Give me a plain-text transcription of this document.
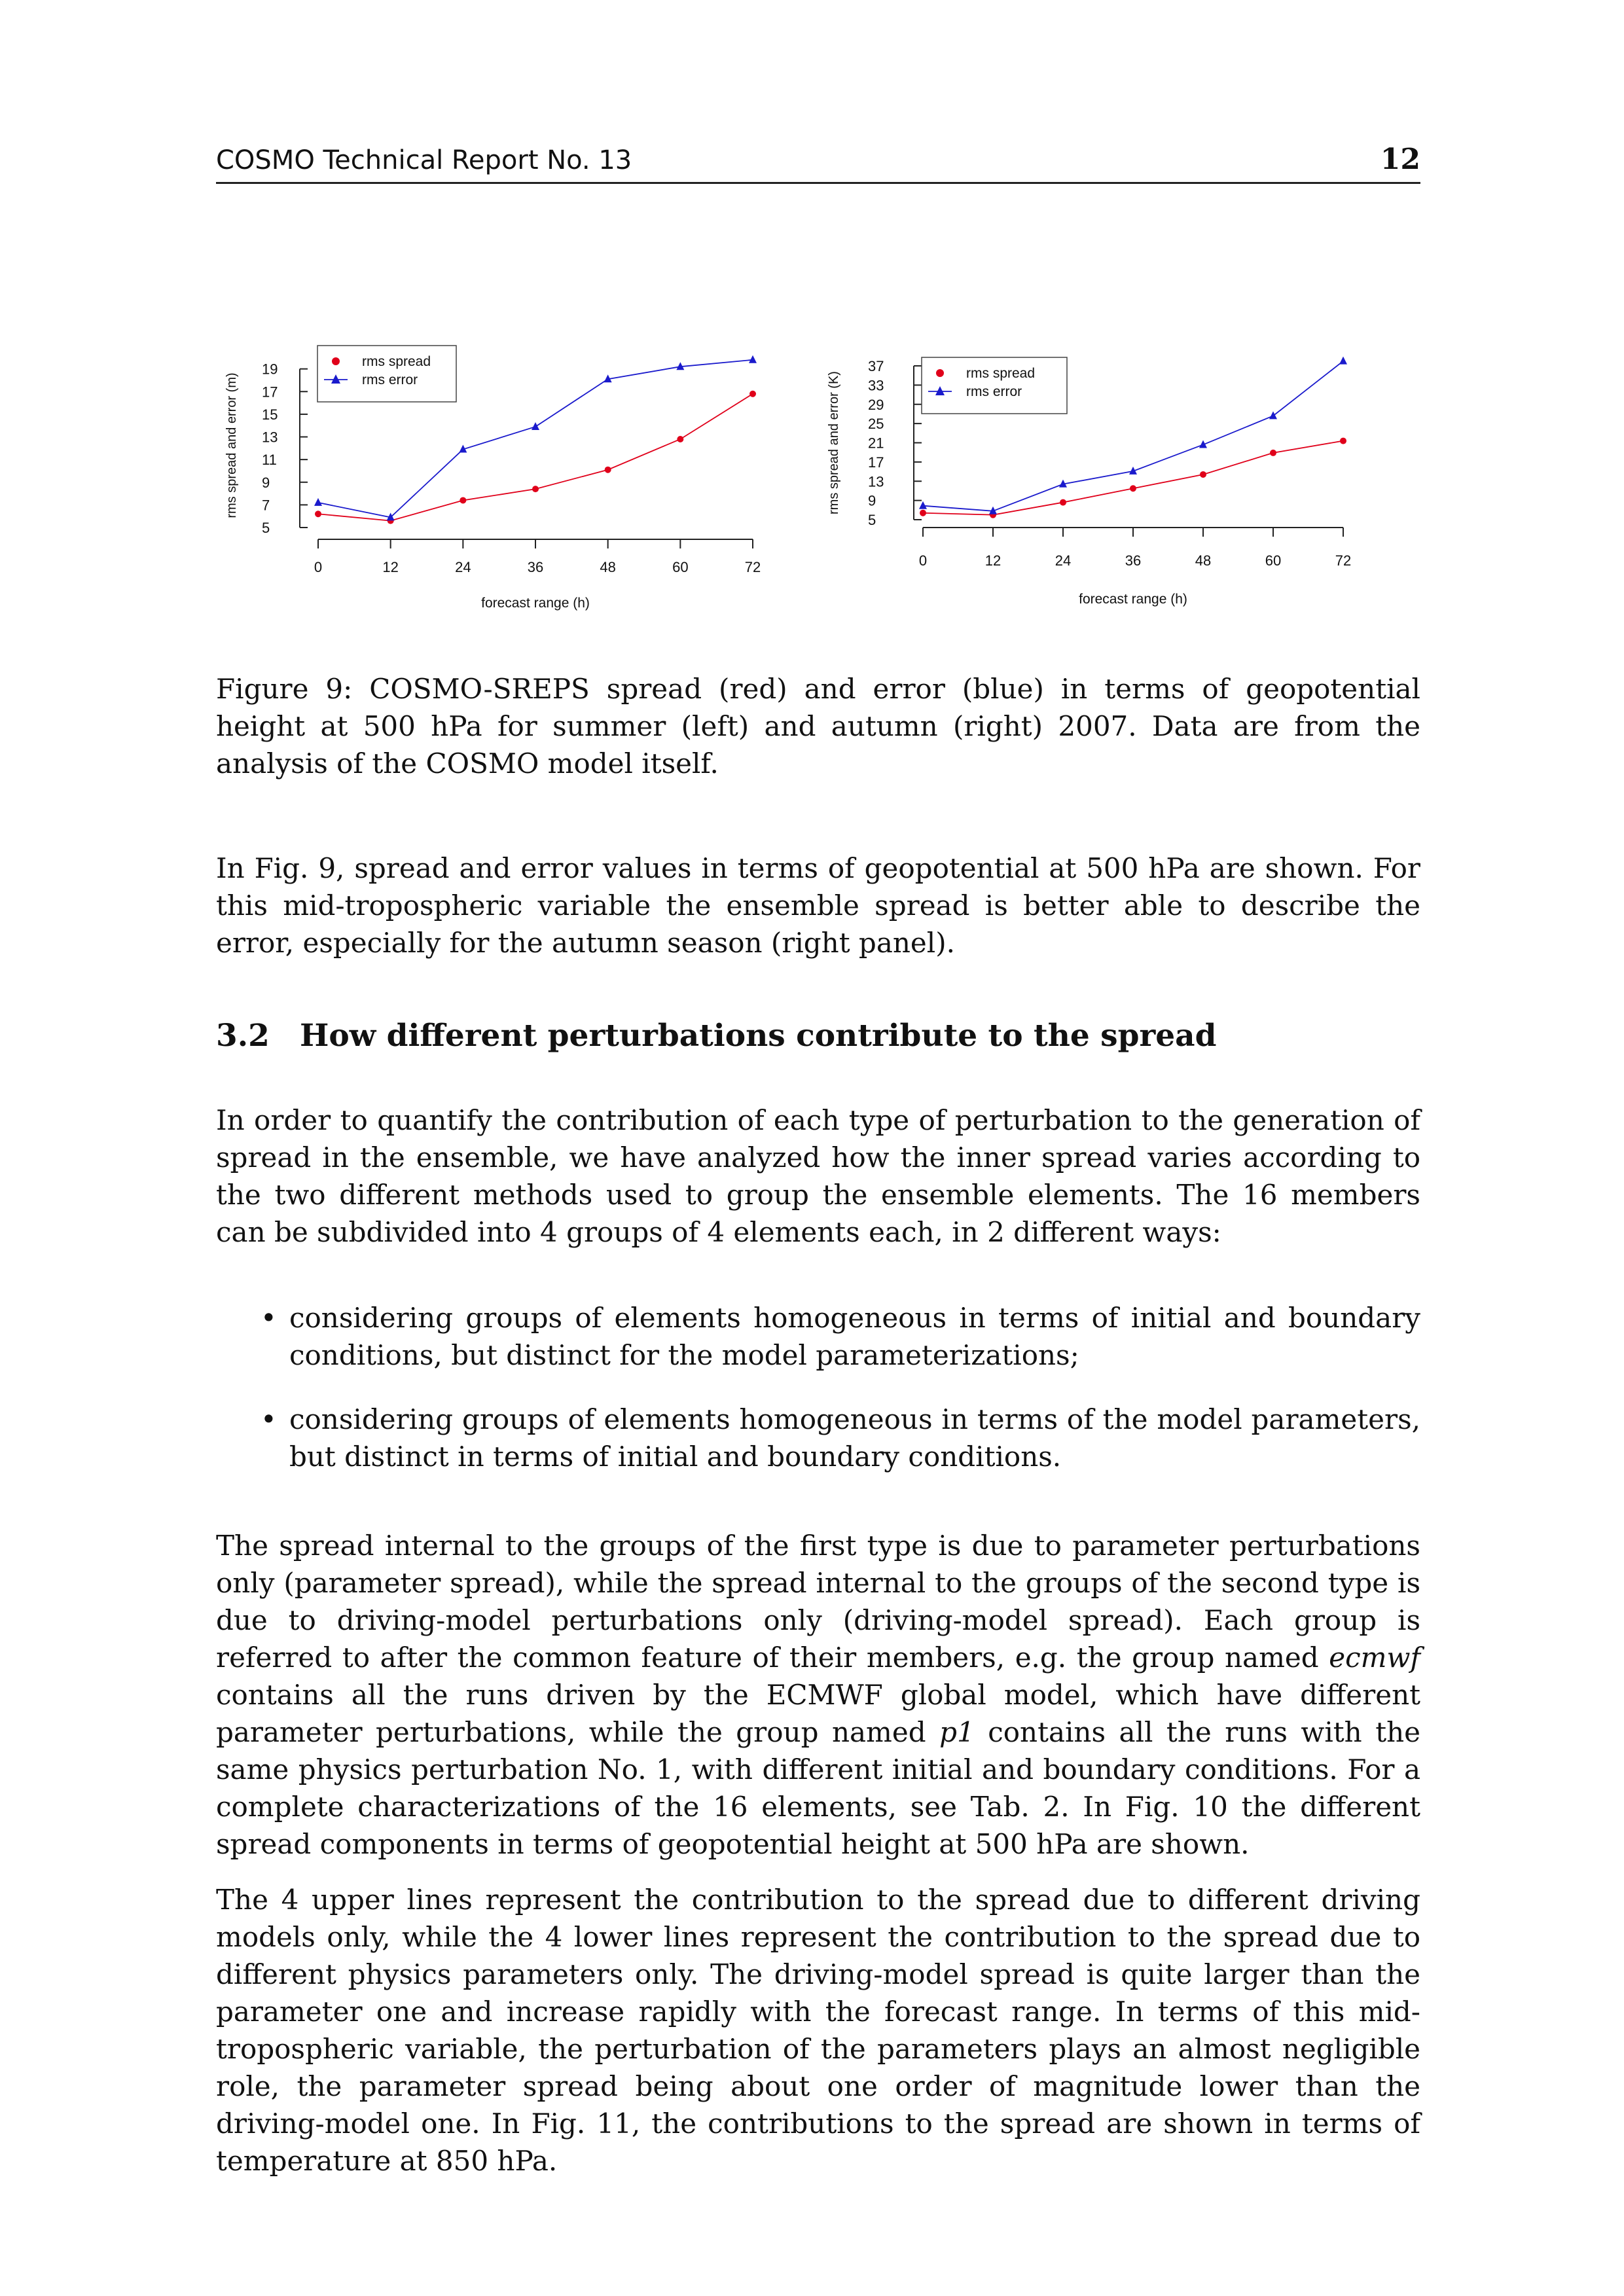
COSMO Technical Report No. 13	12
5
7
9
11
13
15
17
19
rms spread and error (m)
0	12	24	36	48	60	72
forecast range (h)
rms spread
rms error
5
9
13
17
21
25
29
33
37
rms spread and error (K)
0	12	24	36	48	60	72
forecast range (h)
rms spread
rms error

Figure 9: COSMO-SREPS spread (red) and error (blue) in terms of geopotential height at 500 hPa for summer (left) and autumn (right) 2007. Data are from the analysis of the COSMO model itself.

In Fig. 9, spread and error values in terms of geopotential at 500 hPa are shown. For this mid-tropospheric variable the ensemble spread is better able to describe the error, especially for the autumn season (right panel).

3.2 How different perturbations contribute to the spread

In order to quantify the contribution of each type of perturbation to the generation of spread in the ensemble, we have analyzed how the inner spread varies according to the two different methods used to group the ensemble elements. The 16 members can be subdivided into 4 groups of 4 elements each, in 2 different ways:

• considering groups of elements homogeneous in terms of initial and boundary conditions, but distinct for the model parameterizations;
• considering groups of elements homogeneous in terms of the model parameters, but distinct in terms of initial and boundary conditions.

The spread internal to the groups of the first type is due to parameter perturbations only (parameter spread), while the spread internal to the groups of the second type is due to driving-model perturbations only (driving-model spread). Each group is referred to after the common feature of their members, e.g. the group named ecmwf contains all the runs driven by the ECMWF global model, which have different parameter perturbations, while the group named p1 contains all the runs with the same physics perturbation No. 1, with different initial and boundary conditions. For a complete characterizations of the 16 elements, see Tab. 2. In Fig. 10 the different spread components in terms of geopotential height at 500 hPa are shown.

The 4 upper lines represent the contribution to the spread due to different driving models only, while the 4 lower lines represent the contribution to the spread due to different physics parameters only. The driving-model spread is quite larger than the parameter one and increase rapidly with the forecast range. In terms of this mid-tropospheric variable, the perturbation of the parameters plays an almost negligible role, the parameter spread being about one order of magnitude lower than the driving-model one. In Fig. 11, the contributions to the spread are shown in terms of temperature at 850 hPa.
